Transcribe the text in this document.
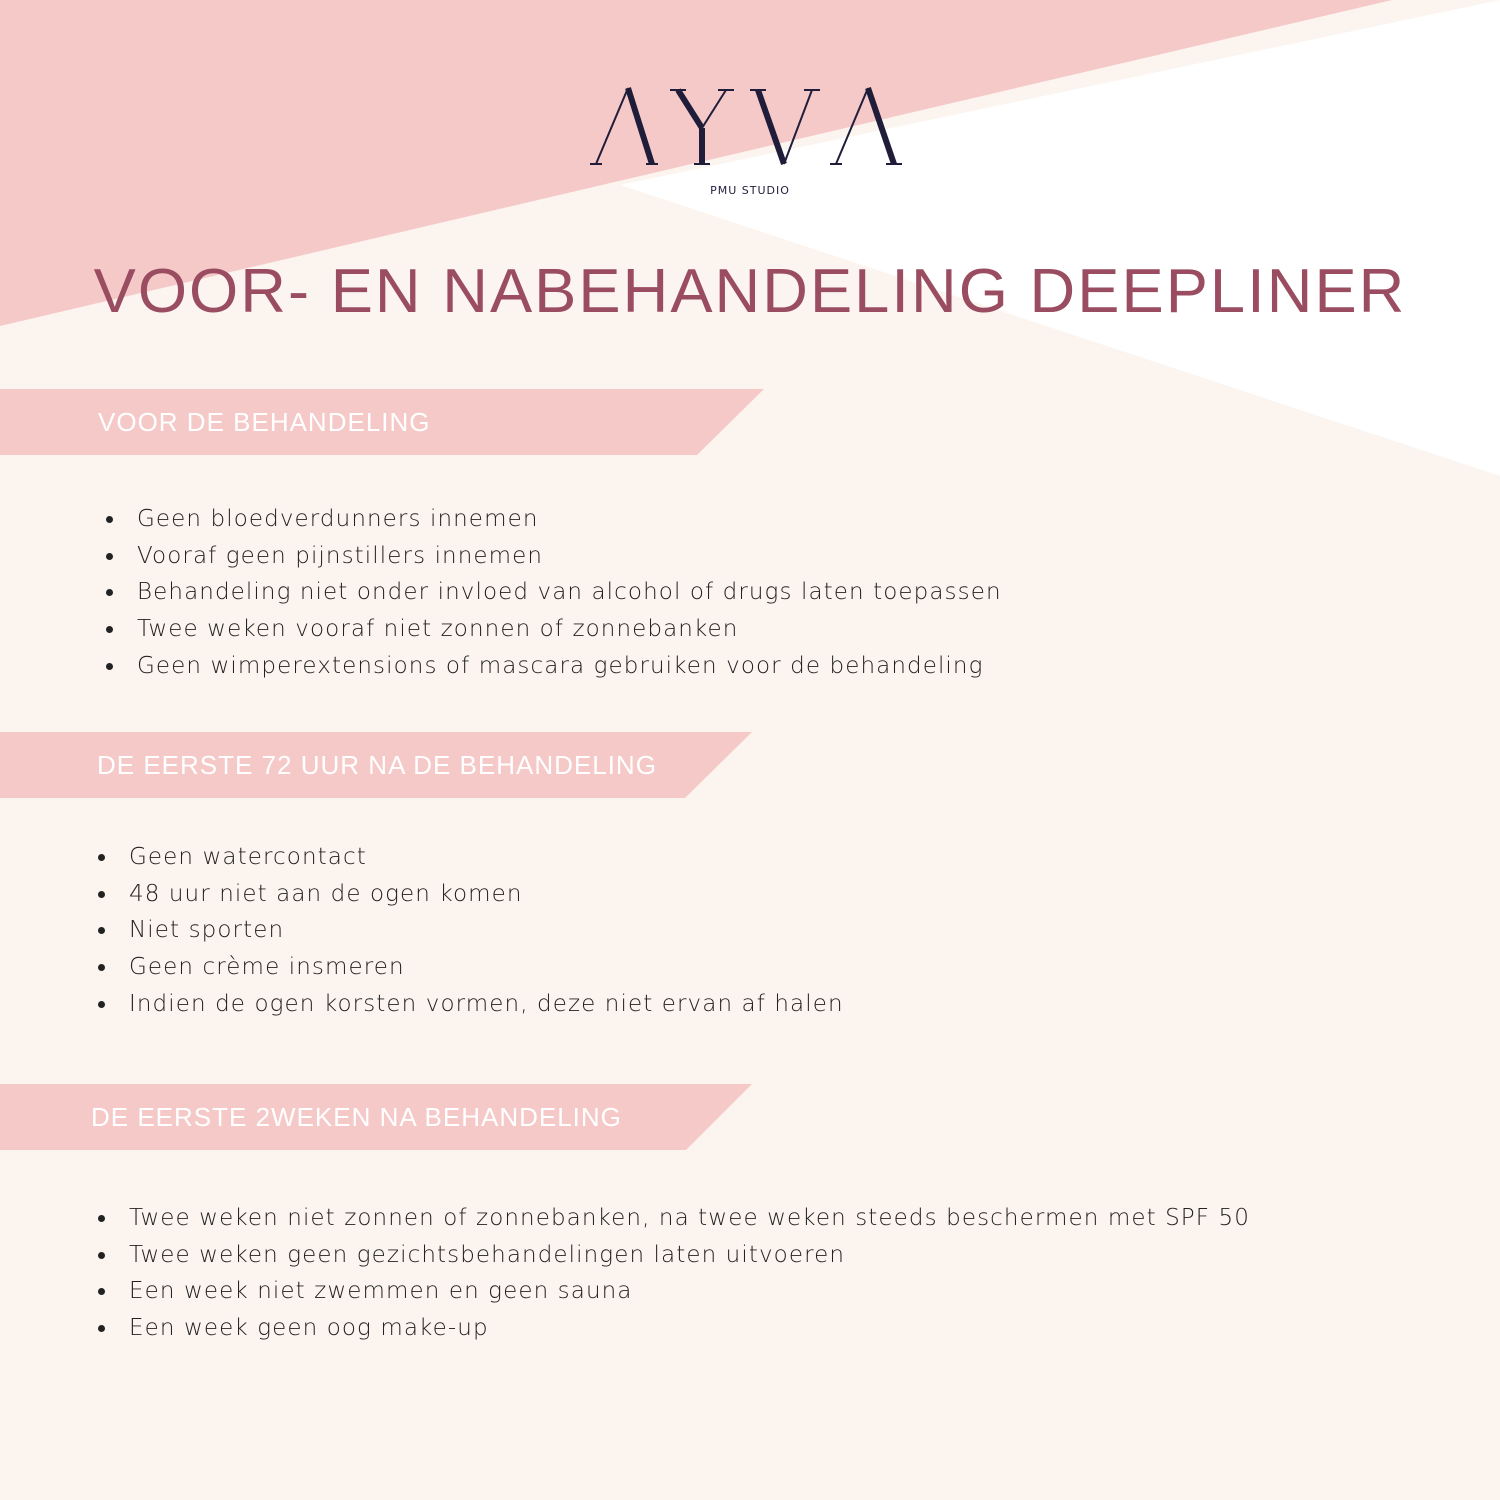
PMU STUDIO
VOOR- EN NABEHANDELING DEEPLINER
VOOR DE BEHANDELING
Geen bloedverdunners innemen
Vooraf geen pijnstillers innemen
Behandeling niet onder invloed van alcohol of drugs laten toepassen
Twee weken vooraf niet zonnen of zonnebanken
Geen wimperextensions of mascara gebruiken voor de behandeling
DE EERSTE 72 UUR NA DE BEHANDELING
Geen watercontact
48 uur niet aan de ogen komen
Niet sporten
Geen crème insmeren
Indien de ogen korsten vormen, deze niet ervan af halen
DE EERSTE 2WEKEN NA BEHANDELING
Twee weken niet zonnen of zonnebanken, na twee weken steeds beschermen met SPF 50
Twee weken geen gezichtsbehandelingen laten uitvoeren
Een week niet zwemmen en geen sauna
Een week geen oog make-up
